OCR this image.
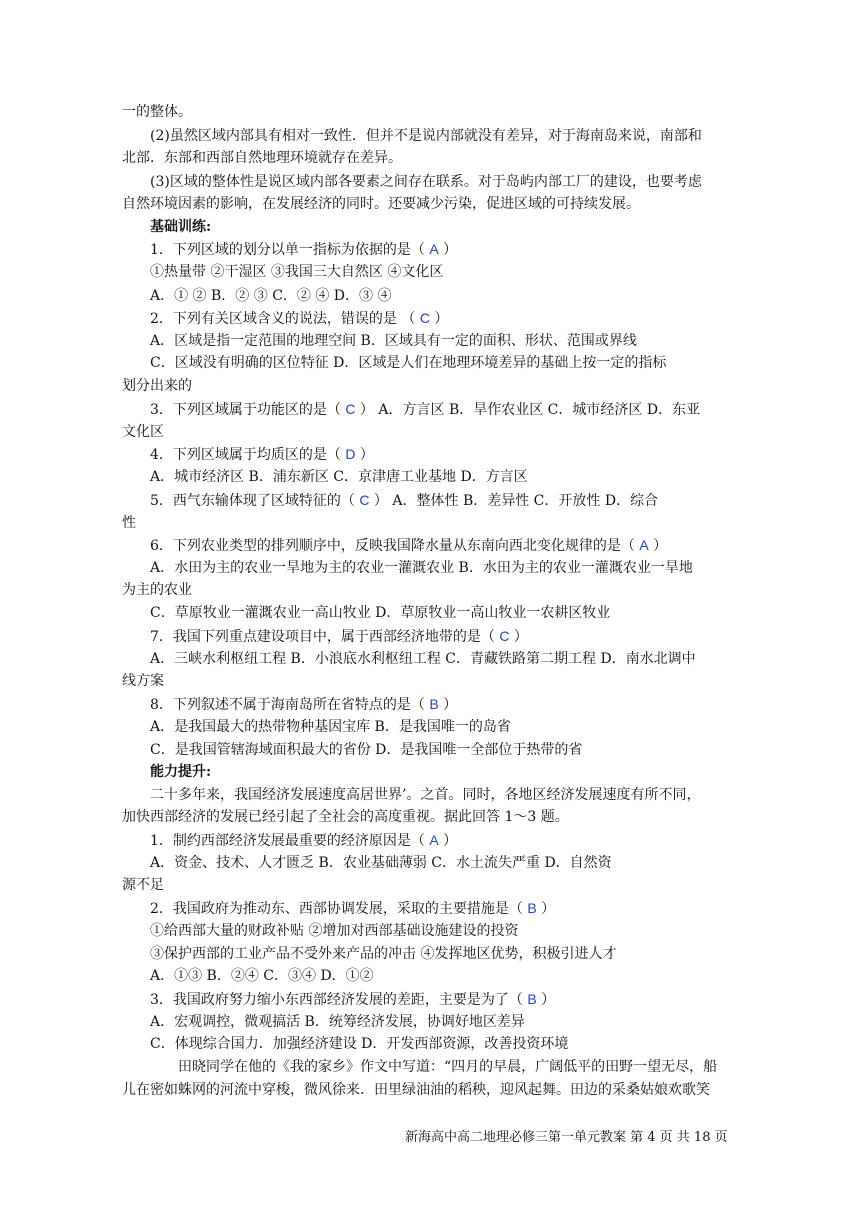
一的整体。
(2)虽然区域内部具有相对一致性．但并不是说内部就没有差异，对于海南岛来说，南部和
北部．东部和西部自然地理环境就存在差异。
(3)区域的整体性是说区域内部各要素之间存在联系。对于岛屿内部工厂的建设，也要考虑
自然环境因素的影响，在发展经济的同时。还要减少污染，促进区域的可持续发展。
基础训练:
1．下列区域的划分以单一指标为依据的是（ A ）
①热量带 ②干湿区 ③我国三大自然区 ④文化区
A．① ② B．② ③ C．② ④ D．③ ④
2．下列有关区域含义的说法，错误的是 （ C ）
A．区域是指一定范围的地理空间 B．区域具有一定的面积、形状、范围或界线
C．区域没有明确的区位特征 D．区域是人们在地理环境差异的基础上按一定的指标
划分出来的
3．下列区域属于功能区的是（ C ） A．方言区 B．旱作农业区 C．城市经济区 D．东亚
文化区
4．下列区域属于均质区的是（ D ）
A．城市经济区 B．浦东新区 C．京津唐工业基地 D．方言区
5．西气东输体现了区域特征的（ C ） A．整体性 B．差异性 C．开放性 D．综合
性
6．下列农业类型的排列顺序中，反映我国降水量从东南向西北变化规律的是（ A ）
A．水田为主的农业一旱地为主的农业一灌溉农业 B．水田为主的农业一灌溉农业一旱地
为主的农业
C．草原牧业一灌溉农业一高山牧业 D．草原牧业一高山牧业一农耕区牧业
7．我国下列重点建设项目中，属于西部经济地带的是（ C ）
A．三峡水利枢纽工程 B．小浪底水利枢纽工程 C．青藏铁路第二期工程 D．南水北调中
线方案
8．下列叙述不属于海南岛所在省特点的是（ B ）
A．是我国最大的热带物种基因宝库 B．是我国唯一的岛省
C．是我国管辖海域面积最大的省份 D．是我国唯一全部位于热带的省
能力提升:
二十多年来，我国经济发展速度高居世界’。之首。同时，各地区经济发展速度有所不同，
加快西部经济的发展已经引起了全社会的高度重视。据此回答 1～3 题。
1．制约西部经济发展最重要的经济原因是（ A ）
A．资金、技术、人才匮乏 B．农业基础薄弱 C．水土流失严重 D．自然资
源不足
2．我国政府为推动东、西部协调发展，采取的主要措施是（ B ）
①给西部大量的财政补贴 ②增加对西部基础设施建设的投资
③保护西部的工业产品不受外来产品的冲击 ④发挥地区优势，积极引进人才
A．①③ B．②④ C．③④ D．①②
3．我国政府努力缩小东西部经济发展的差距，主要是为了（ B ）
A．宏观调控，微观搞活 B．统筹经济发展，协调好地区差异
C．体现综合国力．加强经济建设 D．开发西部资源，改善投资环境
田晓同学在他的《我的家乡》作文中写道：“四月的早晨，广阔低平的田野一望无尽，船
儿在密如蛛网的河流中穿梭，微风徐来．田里绿油油的稻秧，迎风起舞。田边的采桑姑娘欢歌笑
新海高中高二地理必修三第一单元教案 第 4 页 共 18 页
